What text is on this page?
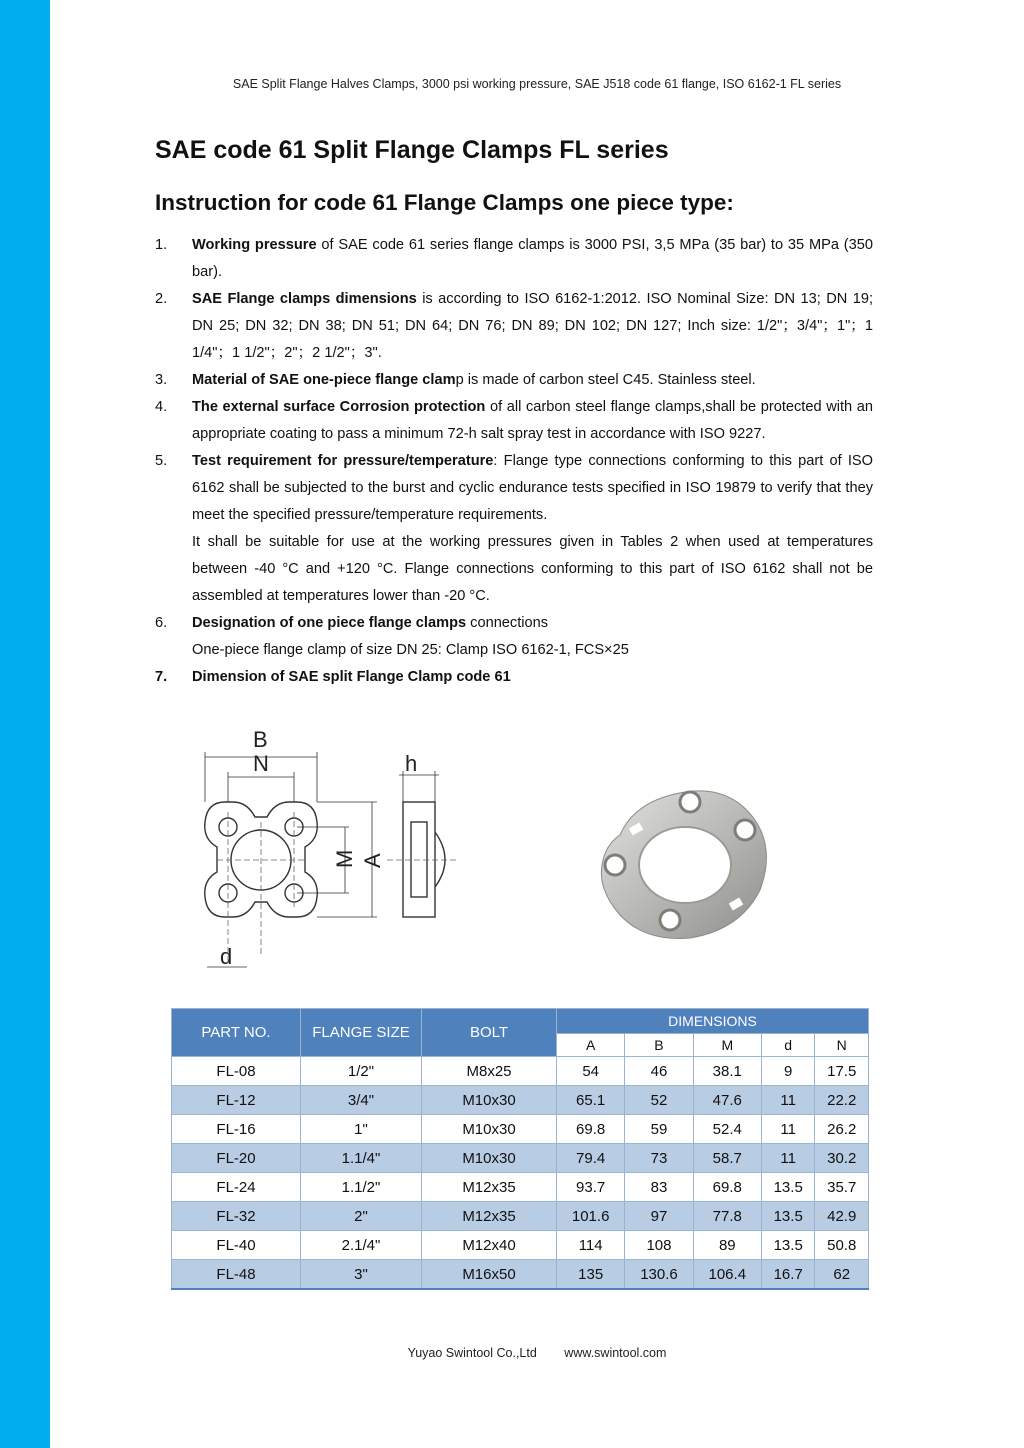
SAE Split Flange Halves Clamps, 3000 psi working pressure, SAE J518 code 61 flange, ISO 6162-1 FL series
SAE code 61 Split Flange Clamps FL series
Instruction for code 61 Flange Clamps one piece type:
1. Working pressure of SAE code 61 series flange clamps is 3000 PSI, 3,5 MPa (35 bar) to 35 MPa (350 bar).

2. SAE Flange clamps dimensions is according to ISO 6162-1:2012. ISO Nominal Size: DN 13; DN 19; DN 25; DN 32; DN 38; DN 51; DN 64; DN 76; DN 89; DN 102; DN 127; Inch size: 1/2"；3/4"；1"；1 1/4"；1 1/2"；2"；2 1/2"；3".

3. Material of SAE one-piece flange clamp is made of carbon steel C45. Stainless steel.

4. The external surface Corrosion protection of all carbon steel flange clamps,shall be protected with an appropriate coating to pass a minimum 72-h salt spray test in accordance with ISO 9227.

5. Test requirement for pressure/temperature: Flange type connections conforming to this part of ISO 6162 shall be subjected to the burst and cyclic endurance tests specified in ISO 19879 to verify that they meet the specified pressure/temperature requirements.

It shall be suitable for use at the working pressures given in Tables 2 when used at temperatures between -40 °C and +120 °C. Flange connections conforming to this part of ISO 6162 shall not be assembled at temperatures lower than -20 °C.

6. Designation of one piece flange clamps connections

One-piece flange clamp of size DN 25: Clamp ISO 6162-1, FCS×25

7. Dimension of SAE split Flange Clamp code 61

B
N	h
d
M A
PART NO.	FLANGE SIZE	BOLT	DIMENSIONS				
			A	B	M	d	N
FL-08	1/2"	M8x25	54	46	38.1	9	17.5
FL-12	3/4"	M10x30	65.1	52	47.6	11	22.2
FL-16	1"	M10x30	69.8	59	52.4	11	26.2
FL-20	1.1/4"	M10x30	79.4	73	58.7	11	30.2
FL-24	1.1/2"	M12x35	93.7	83	69.8	13.5	35.7
FL-32	2"	M12x35	101.6	97	77.8	13.5	42.9
FL-40	2.1/4"	M12x40	114	108	89	13.5	50.8
FL-48	3"	M16x50	135	130.6	106.4	16.7	62
Yuyao Swintool Co.,Ltd www.swintool.com
